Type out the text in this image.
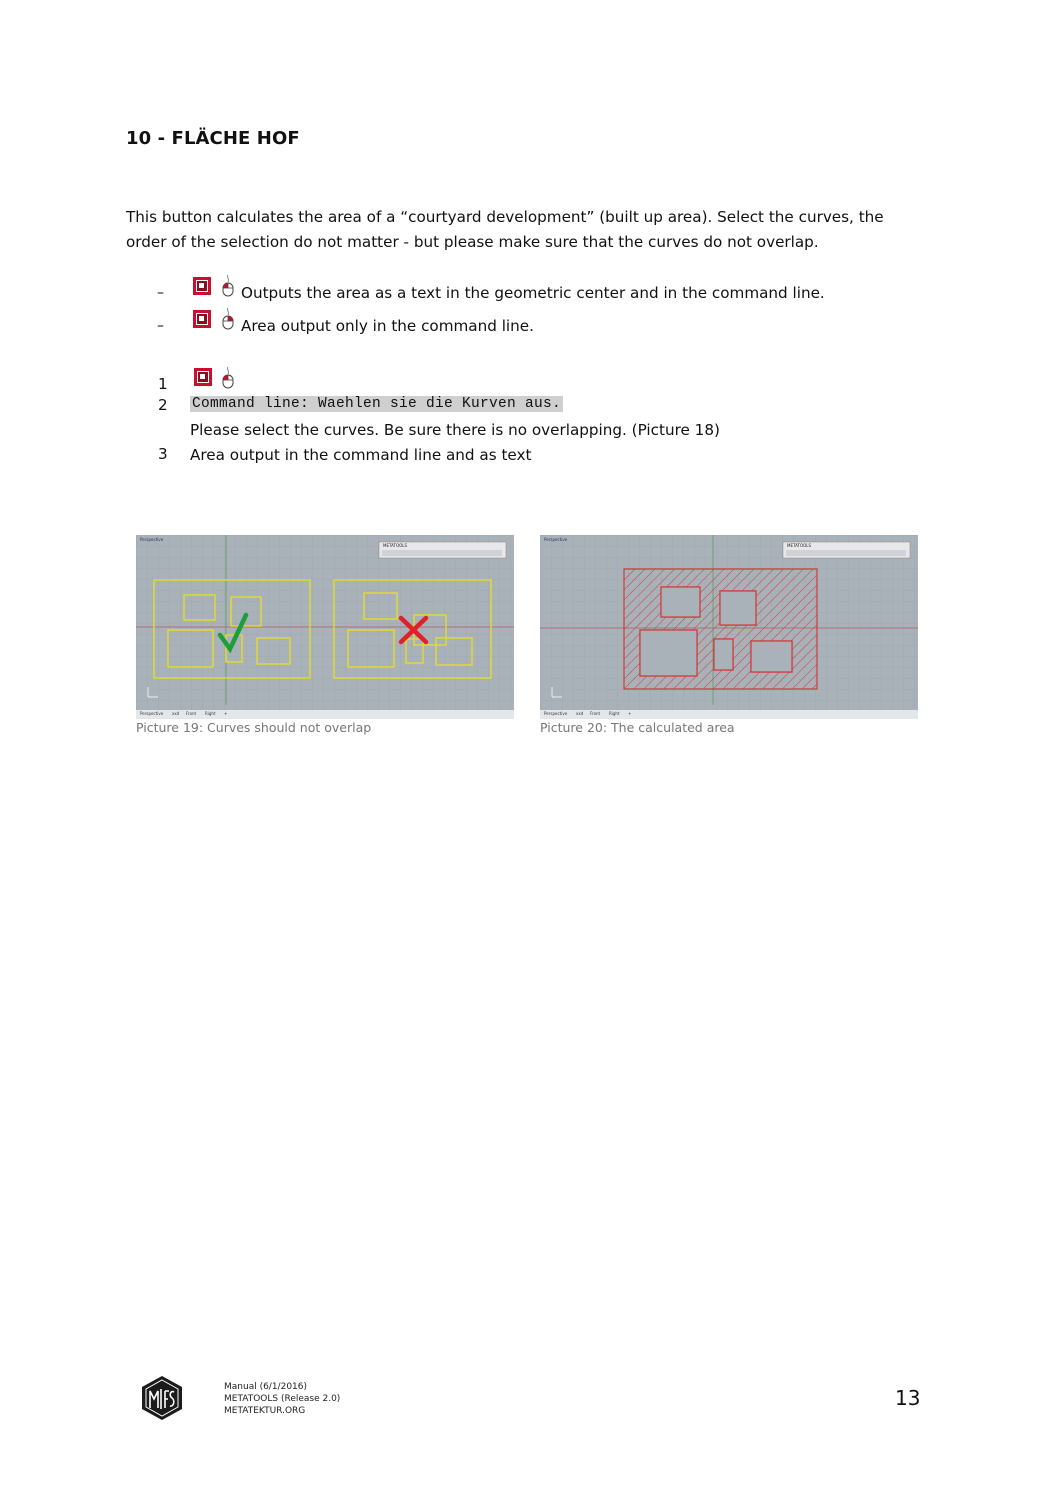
10 - FLÄCHE HOF
This button calculates the area of a “courtyard development” (built up area). Select the curves, the order of the selection do not matter - but please make sure that the curves do not overlap.
–	Outputs the area as a text in the geometric center and in the command line.
–	Area output only in the command line.
1
2 Command line: Waehlen sie die Kurven aus.
Please select the curves. Be sure there is no overlapping. (Picture 18)
3 Area output in the command line and as text
Perspective
METATOOLS
Perspective xxd Front Right +
Picture 19: Curves should not overlap
Perspective
METATOOLS
Perspective xxd Front Right +
Picture 20: The calculated area
Manual (6/1/2016)
METATOOLS (Release 2.0)
METATEKTUR.ORG
13
